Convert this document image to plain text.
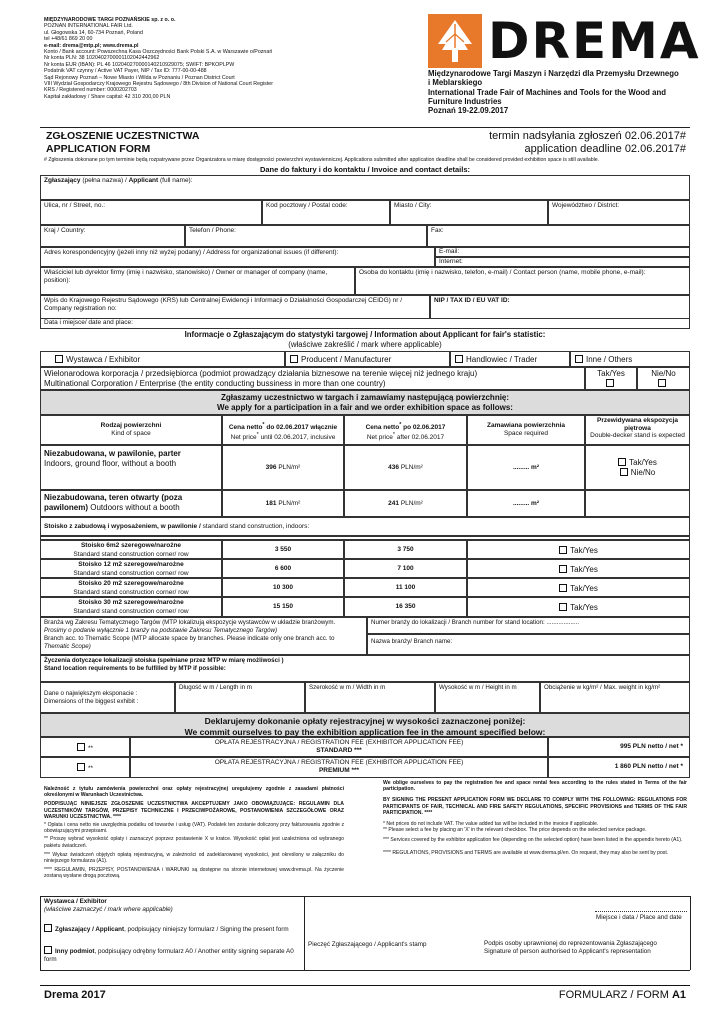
MIĘDZYNARODOWE TARGI POZNAŃSKIE sp. z o. o.
POZNAN INTERNATIONAL FAIR Ltd.
ul. Głogowska 14, 60-734 Poznań, Poland
tel +48/61 869 20 00
e-mail: drema@mtp.pl; www.drema.pl
Konto / Bank account: Powszechna Kasa Oszczędności Bank Polski S.A. w Warszawie o/Poznań
Nr konta PLN: 38 1020402700001102042442962
Nr konta EUR (IBAN): PL 46 102040270000140210929075; SWIFT: BPKOPLPW
Podatnik VAT czynny / Active VAT Payer, NIP / Tax ID: 777-00-00-488
Sąd Rejonowy Poznań – Nowe Miasto i Wilda w Poznaniu / Poznan District Court
VIII Wydział Gospodarczy Krajowego Rejestru Sądowego / 8th Division of National Court Register
KRS / Registered number: 0000202703
Kapitał zakładowy / Share capital: 42 310 200,00 PLN
DREMA
Międzynarodowe Targi Maszyn i Narzędzi dla Przemysłu Drzewnego
i Meblarskiego
International Trade Fair of Machines and Tools for the Wood and
Furniture Industries
Poznań 19-22.09.2017
ZGŁOSZENIE UCZESTNICTWA
APPLICATION FORM
termin nadsyłania zgłoszeń 02.06.2017#
application deadline 02.06.2017#
# Zgłoszenia dokonane po tym terminie będą rozpatrywane przez Organizatora w miarę dostępności powierzchni wystawienniczej. Applications submitted after application deadline shall be considered provided exhibition space is still available.
Dane do faktury i do kontaktu / Invoice and contact details:
Zgłaszający (pełna nazwa) / Applicant (full name):
Ulica, nr / Street, no.:	Kod pocztowy / Postal code:	Miasto / City:	Województwo / District:
Kraj / Country:	Telefon / Phone:	Fax:
Adres korespondencyjny (jeżeli inny niż wyżej podany) / Address for organizational issues (if different):	E-mail:
Internet:
Właściciel lub dyrektor firmy (imię i nazwisko, stanowisko) / Owner or manager of company (name, position):
Osoba do kontaktu (imię i nazwisko, telefon, e-mail) / Contact person (name, mobile phone, e-mail):
Wpis do Krajowego Rejestru Sądowego (KRS) lub Centralnej Ewidencji i Informacji o Działalności Gospodarczej CEIDG) nr / Company registration no:
NIP / TAX ID / EU VAT ID:
Data i miejsce/ date and place:
Informacje o Zgłaszającym do statystyki targowej / Information about Applicant for fair's statistic:
(właściwe zakreślić / mark where applicable)
Wystawca / Exhibitor	Producent / Manufacturer	Handlowiec / Trader	Inne / Others
Wielonarodowa korporacja / przedsiębiorca (podmiot prowadzący działania biznesowe na terenie więcej niż jednego kraju)
Multinational Corporation / Enterprise (the entity conducting bussiness in more than one country)
Tak/Yes	Nie/No
Zgłaszamy uczestnictwo w targach i zamawiamy następującą powierzchnię:
We apply for a participation in a fair and we order exhibition space as follows:
Rodzaj powierzchni
Kind of space
Cena netto* do 02.06.2017 włącznie
Net price* until 02.06.2017, inclusive
Cena netto* po 02.06.2017
Net price* after 02.06.2017
Zamawiana powierzchnia
Space required
Przewidywana ekspozycja piętrowa
Double-decker stand is expected
Niezabudowana, w pawilonie, parter
Indoors, ground floor, without a booth	396 PLN/m²	436 PLN/m²	......... m²
Tak/Yes
Nie/No
Niezabudowana, teren otwarty (poza pawilonem) Outdoors without a booth	181 PLN/m²	241 PLN/m²	......... m²
Stoisko z zabudową i wyposażeniem, w pawilonie / standard stand construction, indoors:
Stoisko 6m2 szeregowe/narożne
Standard stand construction corner/ row
3 550	3 750	Tak/Yes
Stoisko 12 m2 szeregowe/narożne
Standard stand construction corner/ row
6 600	7 100	Tak/Yes
Stoisko 20 m2 szeregowe/narożne
Standard stand construction corner/ row
10 300	11 100	Tak/Yes
Stoisko 30 m2 szeregowe/narożne
Standard stand construction corner/ row
15 150	16 350	Tak/Yes
Branża wg Zakresu Tematycznego Targów (MTP lokalizują ekspozycje wystawców w układzie branżowym.
Prosimy o podanie wyłącznie 1 branży na podstawie Zakresu Tematycznego Targów)
Branch acc. to Thematic Scope (MTP allocate space by branches. Please indicate only one branch acc. to
Thematic Scope)
Numer branży do lokalizacji / Branch number for stand location: ...................
Nazwa branży/ Branch name:
Życzenia dotyczące lokalizacji stoiska (spełniane przez MTP w miarę możliwości )
Stand location requirements to be fulfilled by MTP if possible:
Dane o największym eksponacie :
Dimensions of the biggest exhibit :
Długość w m / Length in m	Szerokość w m / Width in m	Wysokość w m / Height in m	Obciążenie w kg/m² / Max. weight in kg/m²
Deklarujemy dokonanie opłaty rejestracyjnej w wysokości zaznaczonej poniżej:
We commit ourselves to pay the exhibition application fee in the amount specified below:
**
OPŁATA REJESTRACYJNA / REGISTRATION FEE (EXHIBITOR APPLICATION FEE)
STANDARD ***
995 PLN netto / net *
**
OPŁATA REJESTRACYJNA / REGISTRATION FEE (EXHIBITOR APPLICATION FEE)
PREMIUM ***
1 860 PLN netto / net *
Należność z tytułu zamówienia powierzchni oraz opłaty rejestracyjnej uregulujemy zgodnie z zasadami płatności określonymi w Warunkach Uczestnictwa.
PODPISUJĄC NINIEJSZE ZGŁOSZENIE UCZESTNICTWA AKCEPTUJEMY JAKO OBOWIĄZUJĄCE: REGULAMIN DLA UCZESTNIKÓW TARGÓW, PRZEPISY TECHNICZNE I PRZECIWPOŻAROWE, POSTANOWIENIA SZCZEGÓŁOWE ORAZ WARUNKI UCZESTNICTWA. ****
* Opłata i cena netto nie uwzględnia podatku od towarów i usług (VAT). Podatek ten zostanie doliczony przy fakturowaniu zgodnie z obowiązującymi przepisami.
** Proszę wybrać wysokość opłaty i zaznaczyć poprzez postawienie X w kratce. Wysokość opłat jest uzależniona od wybranego pakietu świadczeń.
*** Wykaz świadczeń objętych opłatą rejestracyjną, w zależności od zadeklarowanej wysokości, jest określony w załączniku do niniejszego formularza (A1).
**** REGULAMIN, PRZEPISY, POSTANOWIENIA i WARUNKI są dostępne na stronie internetowej www.drema.pl. Na życzenie zostaną wysłane drogą pocztową.
We oblige ourselves to pay the registration fee and space rental fees according to the rules stated in Terms of the fair participation.
BY SIGNING THE PRESENT APPLICATION FORM WE DECLARE TO COMPLY WITH THE FOLLOWING: REGULATIONS FOR PARTICIPANTS OF FAIR, TECHNICAL AND FIRE SAFETY REGULATIONS, SPECIFIC PROVISIONS and TERMS OF THE FAIR PARTICIPATION. ****
* Net prices do not include VAT. The value added tax will be included in the invoice if applicable.
** Please select a fee by placing an 'X' in the relevant checkbox. The price depends on the selected service package.
*** Services covered by the exhibitor application fee (depending on the selected option) have been listed in the appendix hereto (A1).
**** REGULATIONS, PROVISIONS and TERMS are available at www.drema.pl/en. On request, they may also be sent by post.
Wystawca / Exhibitor
(właściwe zaznaczyć / mark where applicable)
Zgłaszający / Applicant, podpisujący niniejszy formularz / Signing the present form
Inny podmiot, podpisujący odrębny formularz A0 / Another entity signing separate A0 form
Miejsce i data / Place and date
Pieczęć Zgłaszającego / Applicant's stamp	Podpis osoby uprawnionej do reprezentowania Zgłaszającego
Signature of person authorised to Applicant's representation
Drema 2017	FORMULARZ / FORM A1
